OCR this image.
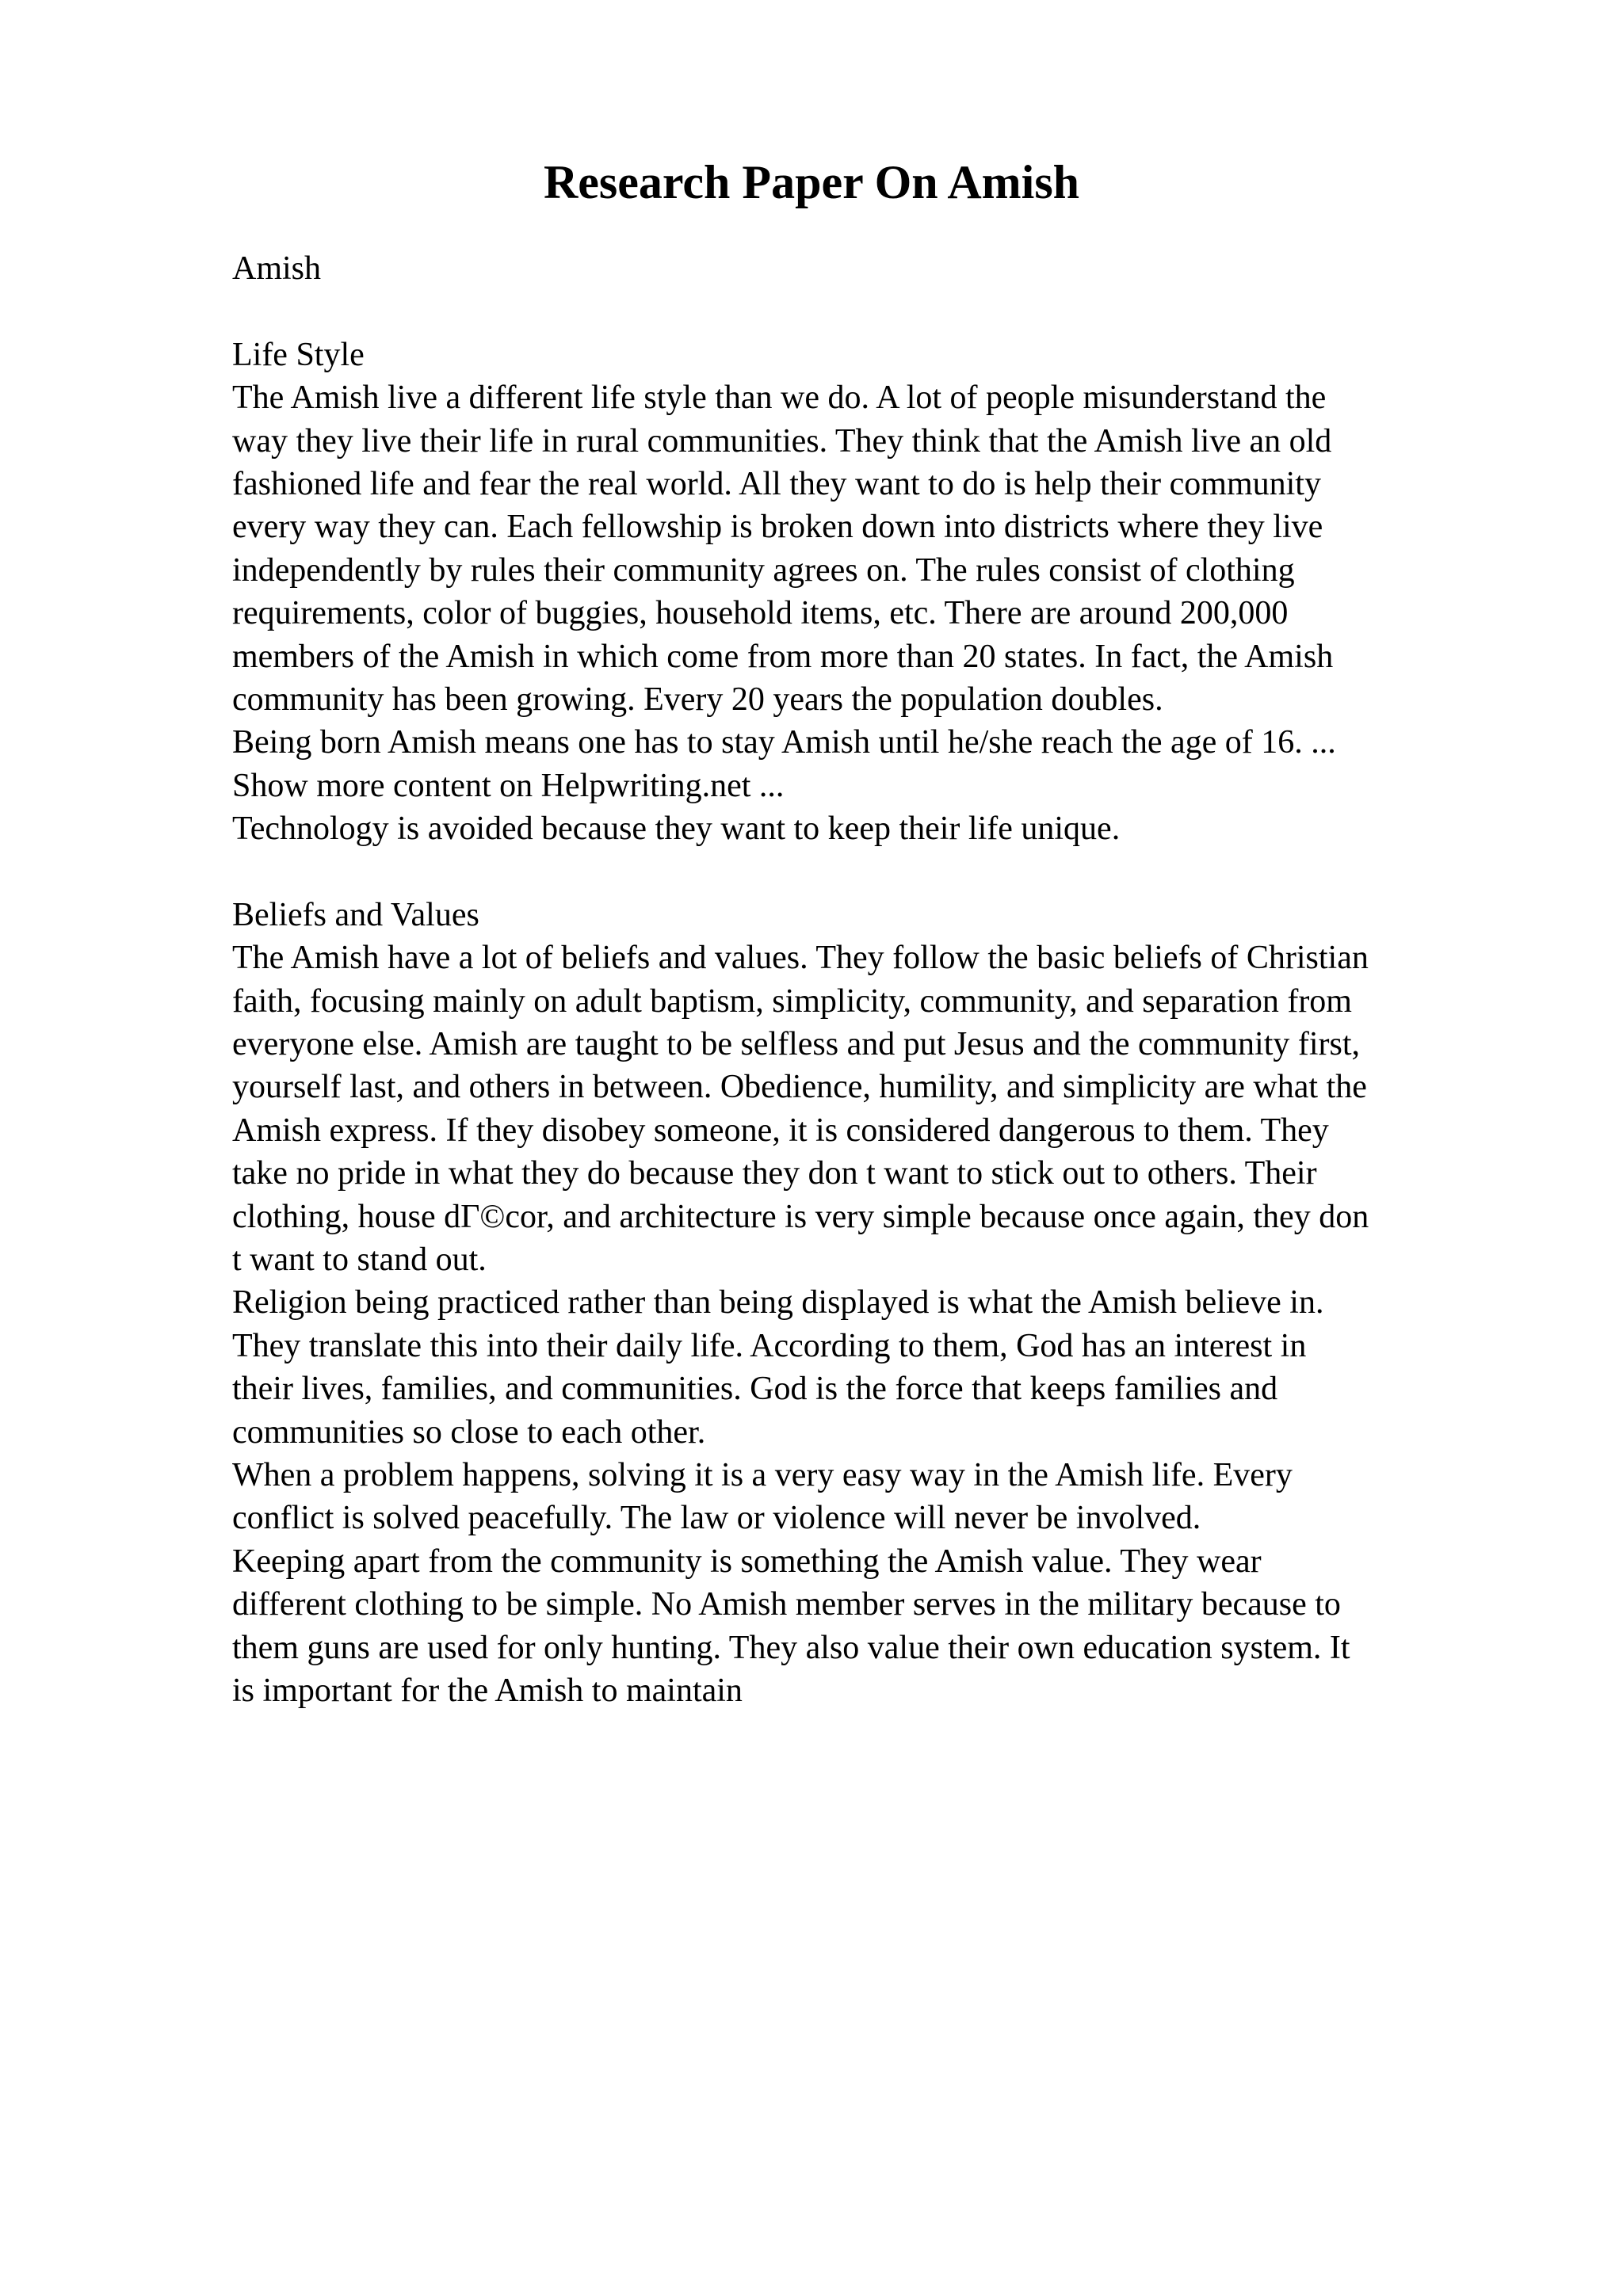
Research Paper On Amish
Amish
Life Style
The Amish live a different life style than we do. A lot of people misunderstand the
way they live their life in rural communities. They think that the Amish live an old
fashioned life and fear the real world. All they want to do is help their community
every way they can. Each fellowship is broken down into districts where they live
independently by rules their community agrees on. The rules consist of clothing
requirements, color of buggies, household items, etc. There are around 200,000
members of the Amish in which come from more than 20 states. In fact, the Amish
community has been growing. Every 20 years the population doubles.
Being born Amish means one has to stay Amish until he/she reach the age of 16. ...
Show more content on Helpwriting.net ...
Technology is avoided because they want to keep their life unique.
Beliefs and Values
The Amish have a lot of beliefs and values. They follow the basic beliefs of Christian
faith, focusing mainly on adult baptism, simplicity, community, and separation from
everyone else. Amish are taught to be selfless and put Jesus and the community first,
yourself last, and others in between. Obedience, humility, and simplicity are what the
Amish express. If they disobey someone, it is considered dangerous to them. They
take no pride in what they do because they don t want to stick out to others. Their
clothing, house dΓ©cor, and architecture is very simple because once again, they don
t want to stand out.
Religion being practiced rather than being displayed is what the Amish believe in.
They translate this into their daily life. According to them, God has an interest in
their lives, families, and communities. God is the force that keeps families and
communities so close to each other.
When a problem happens, solving it is a very easy way in the Amish life. Every
conflict is solved peacefully. The law or violence will never be involved.
Keeping apart from the community is something the Amish value. They wear
different clothing to be simple. No Amish member serves in the military because to
them guns are used for only hunting. They also value their own education system. It
is important for the Amish to maintain
